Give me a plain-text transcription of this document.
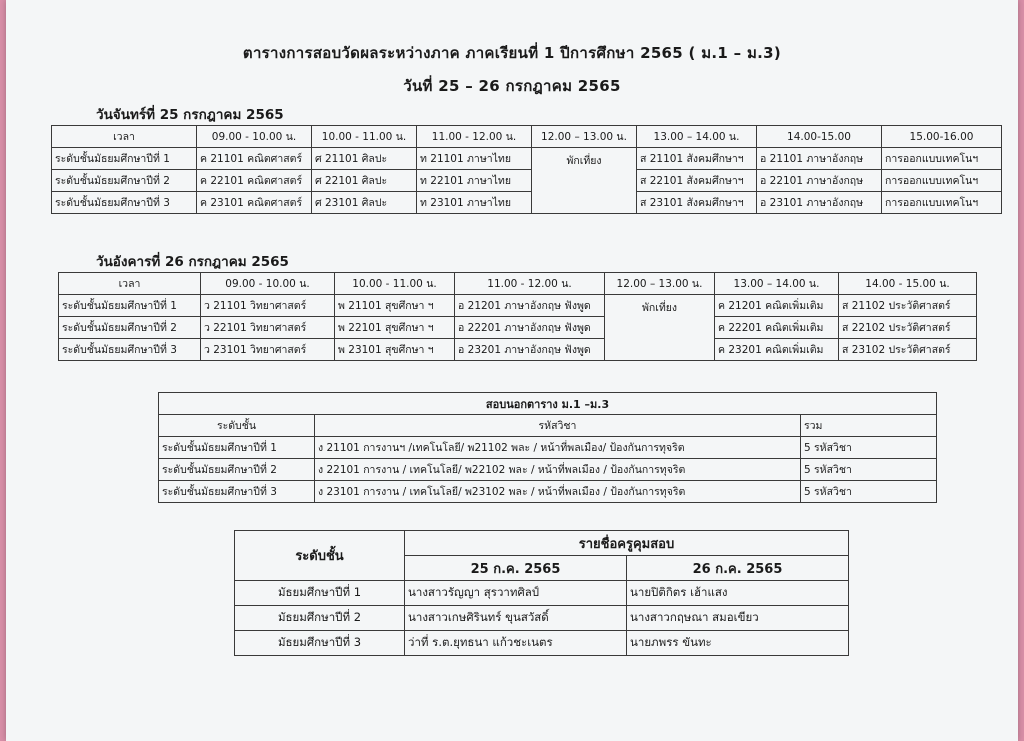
ตารางการสอบวัดผลระหว่างภาค ภาคเรียนที่ 1 ปีการศึกษา 2565 ( ม.1 – ม.3)
วันที่ 25 – 26 กรกฎาคม 2565
วันจันทร์ที่ 25 กรกฎาคม 2565
เวลา	09.00 - 10.00 น.	10.00 - 11.00 น.	11.00 - 12.00 น.	12.00 – 13.00 น.	13.00 – 14.00 น.	14.00-15.00	15.00-16.00
ระดับชั้นมัธยมศึกษาปีที่ 1	ค 21101 คณิตศาสตร์	ศ 21101 ศิลปะ	ท 21101 ภาษาไทย	พักเที่ยง	ส 21101 สังคมศึกษาฯ	อ 21101 ภาษาอังกฤษ	การออกแบบเทคโนฯ
ระดับชั้นมัธยมศึกษาปีที่ 2	ค 22101 คณิตศาสตร์	ศ 22101 ศิลปะ	ท 22101 ภาษาไทย		ส 22101 สังคมศึกษาฯ	อ 22101 ภาษาอังกฤษ	การออกแบบเทคโนฯ
ระดับชั้นมัธยมศึกษาปีที่ 3	ค 23101 คณิตศาสตร์	ศ 23101 ศิลปะ	ท 23101 ภาษาไทย		ส 23101 สังคมศึกษาฯ	อ 23101 ภาษาอังกฤษ	การออกแบบเทคโนฯ
วันอังคารที่ 26 กรกฎาคม 2565
เวลา	09.00 - 10.00 น.	10.00 - 11.00 น.	11.00 - 12.00 น.	12.00 – 13.00 น.	13.00 – 14.00 น.	14.00 - 15.00 น.
ระดับชั้นมัธยมศึกษาปีที่ 1	ว 21101 วิทยาศาสตร์	พ 21101 สุขศึกษา ฯ	อ 21201 ภาษาอังกฤษ ฟังพูด	พักเที่ยง	ค 21201 คณิตเพิ่มเติม	ส 21102 ประวัติศาสตร์
ระดับชั้นมัธยมศึกษาปีที่ 2	ว 22101 วิทยาศาสตร์	พ 22101 สุขศึกษา ฯ	อ 22201 ภาษาอังกฤษ ฟังพูด		ค 22201 คณิตเพิ่มเติม	ส 22102 ประวัติศาสตร์
ระดับชั้นมัธยมศึกษาปีที่ 3	ว 23101 วิทยาศาสตร์	พ 23101 สุขศึกษา ฯ	อ 23201 ภาษาอังกฤษ ฟังพูด		ค 23201 คณิตเพิ่มเติม	ส 23102 ประวัติศาสตร์
สอบนอกตาราง ม.1 –ม.3		
ระดับชั้น	รหัสวิชา	รวม
ระดับชั้นมัธยมศึกษาปีที่ 1	ง 21101 การงานฯ /เทคโนโลยี/ พ21102 พละ / หน้าที่พลเมือง/ ป้องกันการทุจริต	5 รหัสวิชา
ระดับชั้นมัธยมศึกษาปีที่ 2	ง 22101 การงาน / เทคโนโลยี/ พ22102 พละ / หน้าที่พลเมือง / ป้องกันการทุจริต	5 รหัสวิชา
ระดับชั้นมัธยมศึกษาปีที่ 3	ง 23101 การงาน / เทคโนโลยี/ พ23102 พละ / หน้าที่พลเมือง / ป้องกันการทุจริต	5 รหัสวิชา
ระดับชั้น	รายชื่อครูคุมสอบ	
	25 ก.ค. 2565	26 ก.ค. 2565
มัธยมศึกษาปีที่ 1	นางสาวรัญญา สุรวาทศิลป์	นายปิติกิตร เฮ้าแสง
มัธยมศึกษาปีที่ 2	นางสาวเกษศิรินทร์ ขุนสวัสดิ์	นางสาวกฤษณา สมอเขียว
มัธยมศึกษาปีที่ 3	ว่าที่ ร.ต.ยุทธนา แก้วชะเนตร	นายภพรร ขันทะ
